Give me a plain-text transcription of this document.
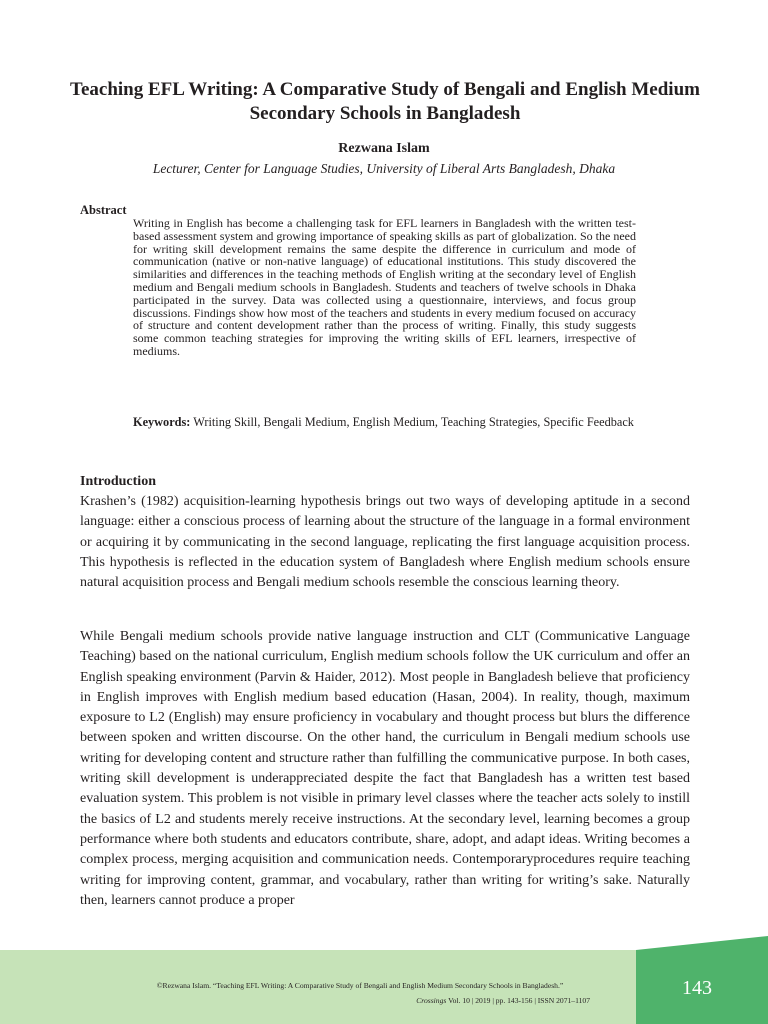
Teaching EFL Writing: A Comparative Study of Bengali and English Medium Secondary Schools in Bangladesh
Rezwana Islam
Lecturer, Center for Language Studies, University of Liberal Arts Bangladesh, Dhaka
Abstract

Writing in English has become a challenging task for EFL learners in Bangladesh with the written test-based assessment system and growing importance of speaking skills as part of globalization. So the need for writing skill development remains the same despite the difference in curriculum and mode of communication (native or non-native language) of educational institutions. This study discovered the similarities and differences in the teaching methods of English writing at the secondary level of English medium and Bengali medium schools in Bangladesh. Students and teachers of twelve schools in Dhaka participated in the survey. Data was collected using a questionnaire, interviews, and focus group discussions. Findings show how most of the teachers and students in every medium focused on accuracy of structure and content development rather than the process of writing. Finally, this study suggests some common teaching strategies for improving the writing skills of EFL learners, irrespective of mediums.

Keywords: Writing Skill, Bengali Medium, English Medium, Teaching Strategies, Specific Feedback

Introduction

Krashen’s (1982) acquisition-learning hypothesis brings out two ways of developing aptitude in a second language: either a conscious process of learning about the structure of the language in a formal environment or acquiring it by communicating in the second language, replicating the first language acquisition process. This hypothesis is reflected in the education system of Bangladesh where English medium schools ensure natural acquisition process and Bengali medium schools resemble the conscious learning theory.

While Bengali medium schools provide native language instruction and CLT (Communicative Language Teaching) based on the national curriculum, English medium schools follow the UK curriculum and offer an English speaking environment (Parvin & Haider, 2012). Most people in Bangladesh believe that proficiency in English improves with English medium based education (Hasan, 2004). In reality, though, maximum exposure to L2 (English) may ensure proficiency in vocabulary and thought process but blurs the difference between spoken and written discourse. On the other hand, the curriculum in Bengali medium schools use writing for developing content and structure rather than fulfilling the communicative purpose. In both cases, writing skill development is underappreciated despite the fact that Bangladesh has a written test based evaluation system. This problem is not visible in primary level classes where the teacher acts solely to instill the basics of L2 and students merely receive instructions. At the secondary level, learning becomes a group performance where both students and educators contribute, share, adopt, and adapt ideas. Writing becomes a complex process, merging acquisition and communication needs. Contemporaryprocedures require teaching writing for improving content, grammar, and vocabulary, rather than writing for writing’s sake. Naturally then, learners cannot produce a proper

143
©Rezwana Islam. “Teaching EFL Writing: A Comparative Study of Bengali and English Medium Secondary Schools in Bangladesh.”
Crossings Vol. 10 | 2019 | pp. 143-156 | ISSN 2071–1107
